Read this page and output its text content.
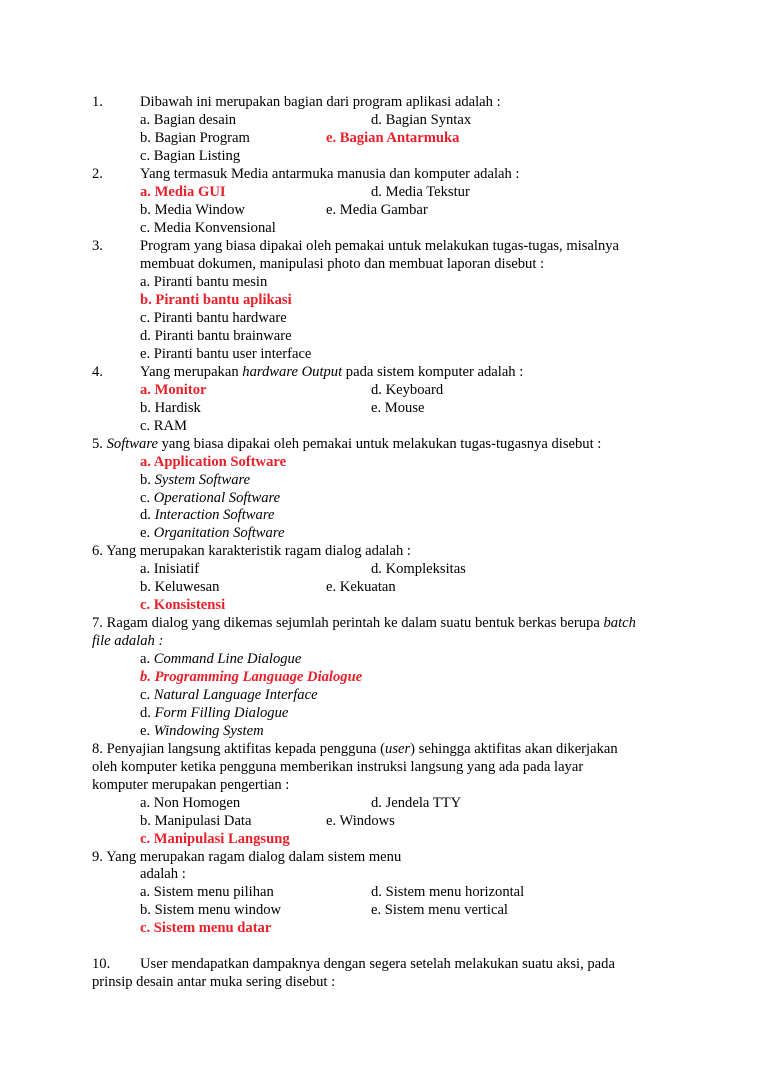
1.	Dibawah ini merupakan bagian dari program aplikasi adalah :
a. Bagian desain	d. Bagian Syntax
b. Bagian Program	e. Bagian Antarmuka
c. Bagian Listing
2.	Yang termasuk Media antarmuka manusia dan komputer adalah :
a. Media GUI	d. Media Tekstur
b. Media Window	e. Media Gambar
c. Media Konvensional
3.	Program yang biasa dipakai oleh pemakai untuk melakukan tugas-tugas, misalnya
membuat dokumen, manipulasi photo dan membuat laporan disebut :
a. Piranti bantu mesin
b. Piranti bantu aplikasi
c. Piranti bantu hardware
d. Piranti bantu brainware
e. Piranti bantu user interface
4.	Yang merupakan hardware Output pada sistem komputer adalah :
a. Monitor	d. Keyboard
b. Hardisk	e. Mouse
c. RAM
5. Software yang biasa dipakai oleh pemakai untuk melakukan tugas-tugasnya disebut :
a. Application Software
b. System Software
c. Operational Software
d. Interaction Software
e. Organitation Software
6. Yang merupakan karakteristik ragam dialog adalah :
a. Inisiatif	d. Kompleksitas
b. Keluwesan	e. Kekuatan
c. Konsistensi
7. Ragam dialog yang dikemas sejumlah perintah ke dalam suatu bentuk berkas berupa batch
file adalah :
a. Command Line Dialogue
b. Programming Language Dialogue
c. Natural Language Interface
d. Form Filling Dialogue
e. Windowing System
8. Penyajian langsung aktifitas kepada pengguna (user) sehingga aktifitas akan dikerjakan
oleh komputer ketika pengguna memberikan instruksi langsung yang ada pada layar
komputer merupakan pengertian :
a. Non Homogen	d. Jendela TTY
b. Manipulasi Data	e. Windows
c. Manipulasi Langsung
9. Yang merupakan ragam dialog dalam sistem menu
adalah :
a. Sistem menu pilihan	d. Sistem menu horizontal
b. Sistem menu window	e. Sistem menu vertical
c. Sistem menu datar
10. User mendapatkan dampaknya dengan segera setelah melakukan suatu aksi, pada
prinsip desain antar muka sering disebut :
